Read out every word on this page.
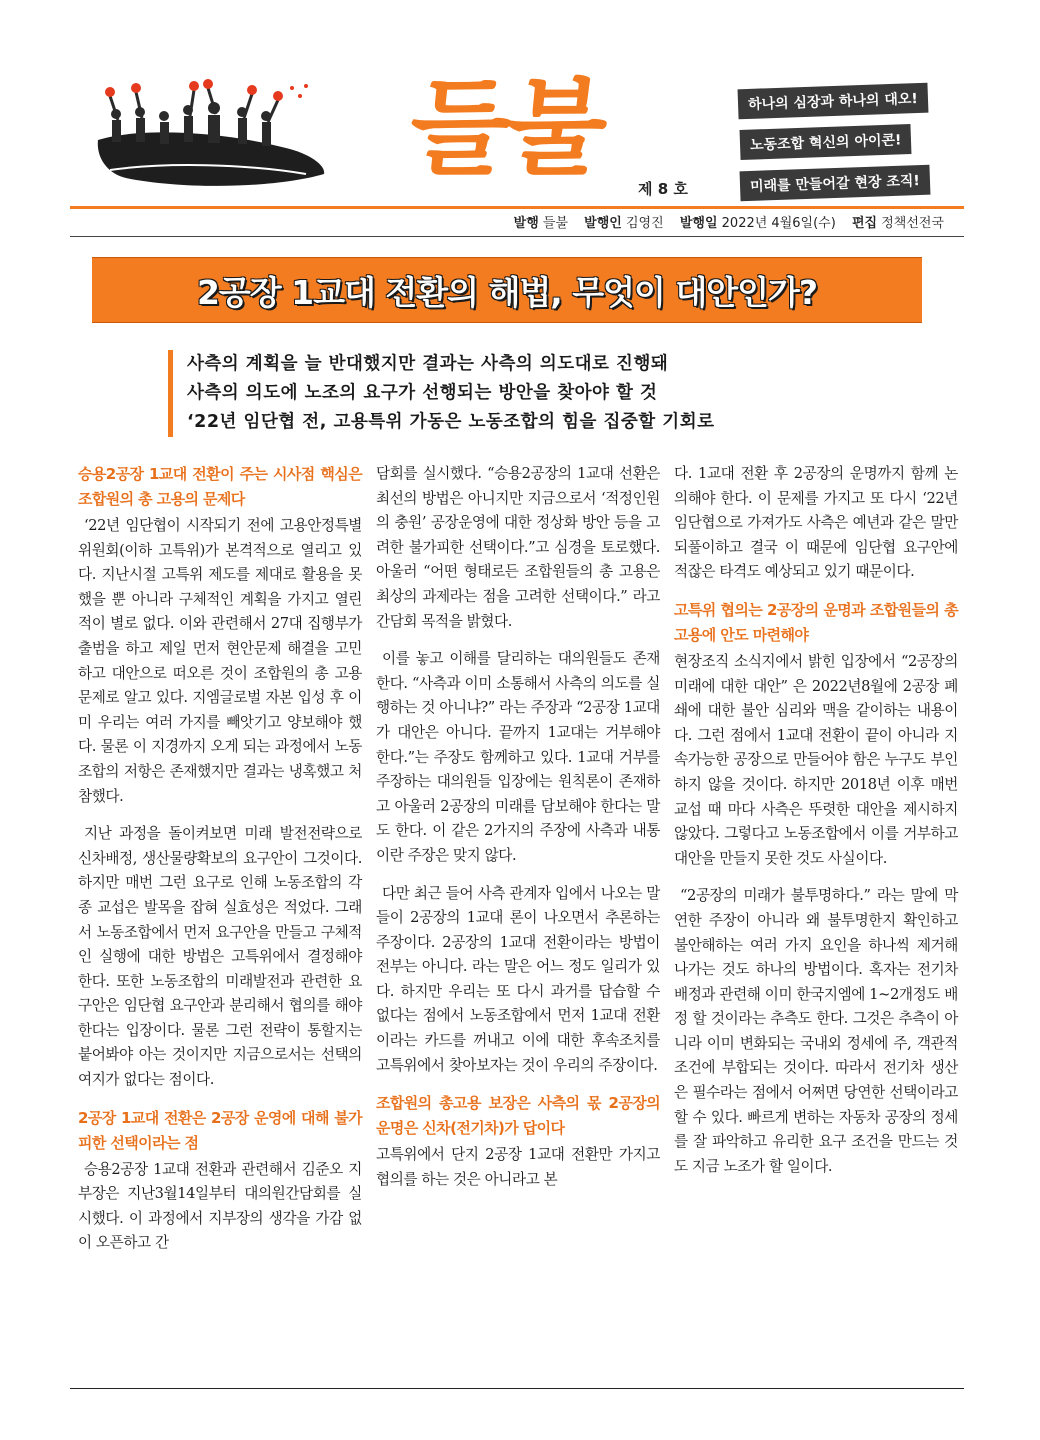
들불	제 8 호
하나의 심장과 하나의 대오! 노동조합 혁신의 아이콘! 미래를 만들어갈 현장 조직!
발행 들불 발행인 김영진 발행일 2022년 4월6일(수) 편집 정책선전국
2공장 1교대 전환의 해법, 무엇이 대안인가?
사측의 계획을 늘 반대했지만 결과는 사측의 의도대로 진행돼
사측의 의도에 노조의 요구가 선행되는 방안을 찾아야 할 것
‘22년 임단협 전, 고용특위 가동은 노동조합의 힘을 집중할 기회로
승용2공장 1교대 전환이 주는 시사점 핵심은 조합원의 총 고용의 문제다

‘22년 임단협이 시작되기 전에 고용안정특별 위원회(이하 고특위)가 본격적으로 열리고 있다. 지난시절 고특위 제도를 제대로 활용을 못했을 뿐 아니라 구체적인 계획을 가지고 열린 적이 별로 없다. 이와 관련해서 27대 집행부가 출범을 하고 제일 먼저 현안문제 해결을 고민하고 대안으로 떠오른 것이 조합원의 총 고용문제로 알고 있다. 지엠글로벌 자본 입성 후 이미 우리는 여러 가지를 빼앗기고 양보해야 했다. 물론 이 지경까지 오게 되는 과정에서 노동조합의 저항은 존재했지만 결과는 냉혹했고 처참했다.

지난 과정을 돌이켜보면 미래 발전전략으로 신차배정, 생산물량확보의 요구안이 그것이다. 하지만 매번 그런 요구로 인해 노동조합의 각종 교섭은 발목을 잡혀 실효성은 적었다. 그래서 노동조합에서 먼저 요구안을 만들고 구체적인 실행에 대한 방법은 고특위에서 결정해야 한다. 또한 노동조합의 미래발전과 관련한 요구안은 임단협 요구안과 분리해서 협의를 해야 한다는 입장이다. 물론 그런 전략이 통할지는 붙어봐야 아는 것이지만 지금으로서는 선택의 여지가 없다는 점이다.

2공장 1교대 전환은 2공장 운영에 대해 불가피한 선택이라는 점

승용2공장 1교대 전환과 관련해서 김준오 지부장은 지난3월14일부터 대의원간담회를 실시했다. 이 과정에서 지부장의 생각을 가감 없이 오픈하고 간

담회를 실시했다. “승용2공장의 1교대 선환은 최선의 방법은 아니지만 지금으로서 ‘적정인원의 충원’ 공장운영에 대한 정상화 방안 등을 고려한 불가피한 선택이다.”고 심경을 토로했다. 아울러 “어떤 형태로든 조합원들의 총 고용은 최상의 과제라는 점을 고려한 선택이다.” 라고 간담회 목적을 밝혔다.

이를 놓고 이해를 달리하는 대의원들도 존재한다. “사측과 이미 소통해서 사측의 의도를 실행하는 것 아니냐?” 라는 주장과 “2공장 1교대가 대안은 아니다. 끝까지 1교대는 거부해야 한다.”는 주장도 함께하고 있다. 1교대 거부를 주장하는 대의원들 입장에는 원칙론이 존재하고 아울러 2공장의 미래를 담보해야 한다는 말도 한다. 이 같은 2가지의 주장에 사측과 내통 이란 주장은 맞지 않다.

다만 최근 들어 사측 관계자 입에서 나오는 말들이 2공장의 1교대 론이 나오면서 추론하는 주장이다. 2공장의 1교대 전환이라는 방법이 전부는 아니다. 라는 말은 어느 정도 일리가 있다. 하지만 우리는 또 다시 과거를 답습할 수 없다는 점에서 노동조합에서 먼저 1교대 전환 이라는 카드를 꺼내고 이에 대한 후속조치를 고특위에서 찾아보자는 것이 우리의 주장이다.

조합원의 총고용 보장은 사측의 몫 2공장의 운명은 신차(전기차)가 답이다

고특위에서 단지 2공장 1교대 전환만 가지고 협의를 하는 것은 아니라고 본

다. 1교대 전환 후 2공장의 운명까지 함께 논의해야 한다. 이 문제를 가지고 또 다시 ‘22년 임단협으로 가져가도 사측은 예년과 같은 말만 되풀이하고 결국 이 때문에 임단협 요구안에 적잖은 타격도 예상되고 있기 때문이다.

고특위 협의는 2공장의 운명과 조합원들의 총고용에 안도 마련해야

현장조직 소식지에서 밝힌 입장에서 “2공장의 미래에 대한 대안” 은 2022년8월에 2공장 폐쇄에 대한 불안 심리와 맥을 같이하는 내용이다. 그런 점에서 1교대 전환이 끝이 아니라 지속가능한 공장으로 만들어야 함은 누구도 부인하지 않을 것이다. 하지만 2018년 이후 매번 교섭 때 마다 사측은 뚜렷한 대안을 제시하지 않았다. 그렇다고 노동조합에서 이를 거부하고 대안을 만들지 못한 것도 사실이다.

“2공장의 미래가 불투명하다.” 라는 말에 막연한 주장이 아니라 왜 불투명한지 확인하고 불안해하는 여러 가지 요인을 하나씩 제거해 나가는 것도 하나의 방법이다. 혹자는 전기차 배정과 관련해 이미 한국지엠에 1~2개정도 배정 할 것이라는 추측도 한다. 그것은 추측이 아니라 이미 변화되는 국내외 정세에 주, 객관적 조건에 부합되는 것이다. 따라서 전기차 생산은 필수라는 점에서 어쩌면 당연한 선택이라고 할 수 있다. 빠르게 변하는 자동차 공장의 정세를 잘 파악하고 유리한 요구 조건을 만드는 것도 지금 노조가 할 일이다.
